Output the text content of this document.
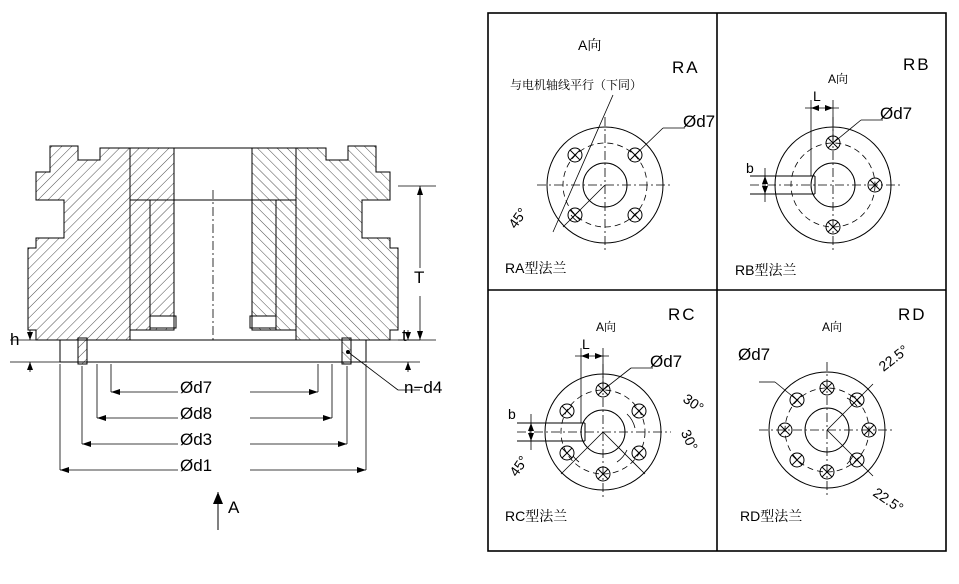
T
t
h
n−d4
Ød7
Ød8
Ød3
Ød1
A
A向
RA
与电机轴线平行（下同）
Ød7
45°
RA型法兰
A向
RB
Ød7
L
b
RB型法兰
A向
RC
Ød7
L
b	30°
30°
45°
RC型法兰
A向
RD
Ød7	22.5°
22.5°
RD型法兰
